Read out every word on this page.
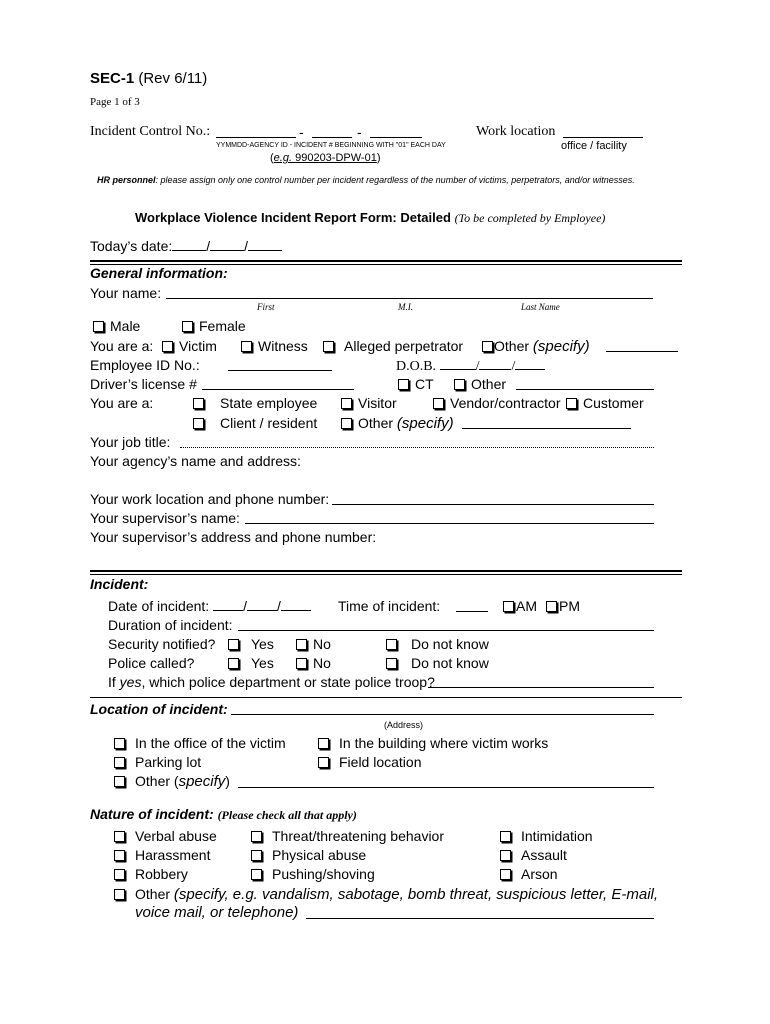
SEC-1 (Rev 6/11)
Page 1 of 3
Incident Control No.:	-	-
YYMMDD-AGENCY ID - INCIDENT # BEGINNING WITH "01" EACH DAY
(e.g. 990203-DPW-01)
Work location
office / facility
HR personnel: please assign only one control number per incident regardless of the number of victims, perpetrators, and/or witnesses.
Workplace Violence Incident Report Form: Detailed (To be completed by Employee)
Today’s date: / /
General information:
Your name:
First	M.I.	Last Name
Male	Female
You are a:	Victim	Witness	Alleged perpetrator	Other (specify)
Employee ID No.:	D.O.B.	/ /
Driver’s license #	CT	Other
You are a:	State employee	Visitor	Vendor/contractor	Customer
Client / resident	Other (specify)
Your job title:
Your agency’s name and address:
Your work location and phone number:
Your supervisor’s name:
Your supervisor’s address and phone number:
Incident:
Date of incident: / /	Time of incident:	AM	PM
Duration of incident:
Security notified?	Yes	No	Do not know
Police called?	Yes	No	Do not know
If yes, which police department or state police troop?
Location of incident:
(Address)
In the office of the victim	In the building where victim works
Parking lot	Field location
Other (specify)
Nature of incident: (Please check all that apply)
Verbal abuse	Threat/threatening behavior	Intimidation
Harassment	Physical abuse	Assault
Robbery	Pushing/shoving	Arson
Other (specify, e.g. vandalism, sabotage, bomb threat, suspicious letter, E-mail,
voice mail, or telephone)
